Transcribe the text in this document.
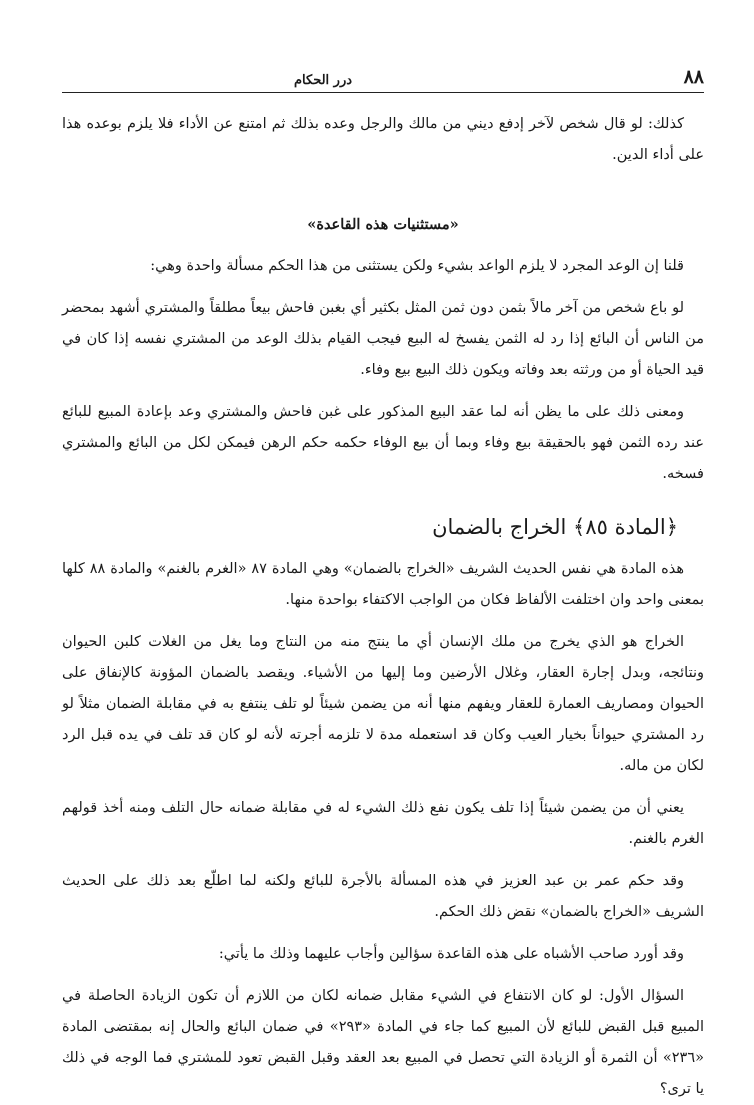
٨٨
درر الحكام

كذلك: لو قال شخص لآخر إدفع ديني من مالك والرجل وعده بذلك ثم امتنع عن الأداء فلا يلزم بوعده هذا على أداء الدين.

«مستثنيات هذه القاعدة»

قلنا إن الوعد المجرد لا يلزم الواعد بشيء ولكن يستثنى من هذا الحكم مسألة واحدة وهي:

لو باع شخص من آخر مالاً بثمن دون ثمن المثل بكثير أي بغبن فاحش بيعاً مطلقاً والمشتري أشهد بمحضر من الناس أن البائع إذا رد له الثمن يفسخ له البيع فيجب القيام بذلك الوعد من المشتري نفسه إذا كان في قيد الحياة أو من ورثته بعد وفاته ويكون ذلك البيع بيع وفاء.

ومعنى ذلك على ما يظن أنه لما عقد البيع المذكور على غبن فاحش والمشتري وعد بإعادة المبيع للبائع عند رده الثمن فهو بالحقيقة بيع وفاء وبما أن بيع الوفاء حكمه حكم الرهن فيمكن لكل من البائع والمشتري فسخه.

﴿المادة ٨٥﴾ الخراج بالضمان

هذه المادة هي نفس الحديث الشريف «الخراج بالضمان» وهي المادة ٨٧ «الغرم بالغنم» والمادة ٨٨ كلها بمعنى واحد وان اختلفت الألفاظ فكان من الواجب الاكتفاء بواحدة منها.

الخراج هو الذي يخرج من ملك الإنسان أي ما ينتج منه من النتاج وما يغل من الغلات كلبن الحيوان ونتائجه، وبدل إجارة العقار، وغلال الأرضين وما إليها من الأشياء. ويقصد بالضمان المؤونة كالإنفاق على الحيوان ومصاريف العمارة للعقار ويفهم منها أنه من يضمن شيئاً لو تلف ينتفع به في مقابلة الضمان مثلاً لو رد المشتري حيواناً بخيار العيب وكان قد استعمله مدة لا تلزمه أجرته لأنه لو كان قد تلف في يده قبل الرد لكان من ماله.

يعني أن من يضمن شيئاً إذا تلف يكون نفع ذلك الشيء له في مقابلة ضمانه حال التلف ومنه أخذ قولهم الغرم بالغنم.

وقد حكم عمر بن عبد العزيز في هذه المسألة بالأجرة للبائع ولكنه لما اطلّع بعد ذلك على الحديث الشريف «الخراج بالضمان» نقض ذلك الحكم.

وقد أورد صاحب الأشباه على هذه القاعدة سؤالين وأجاب عليهما وذلك ما يأتي:

السؤال الأول: لو كان الانتفاع في الشيء مقابل ضمانه لكان من اللازم أن تكون الزيادة الحاصلة في المبيع قبل القبض للبائع لأن المبيع كما جاء في المادة «٢٩٣» في ضمان البائع والحال إنه بمقتضى المادة «٢٣٦» أن الثمرة أو الزيادة التي تحصل في المبيع بعد العقد وقبل القبض تعود للمشتري فما الوجه في ذلك يا ترى؟
